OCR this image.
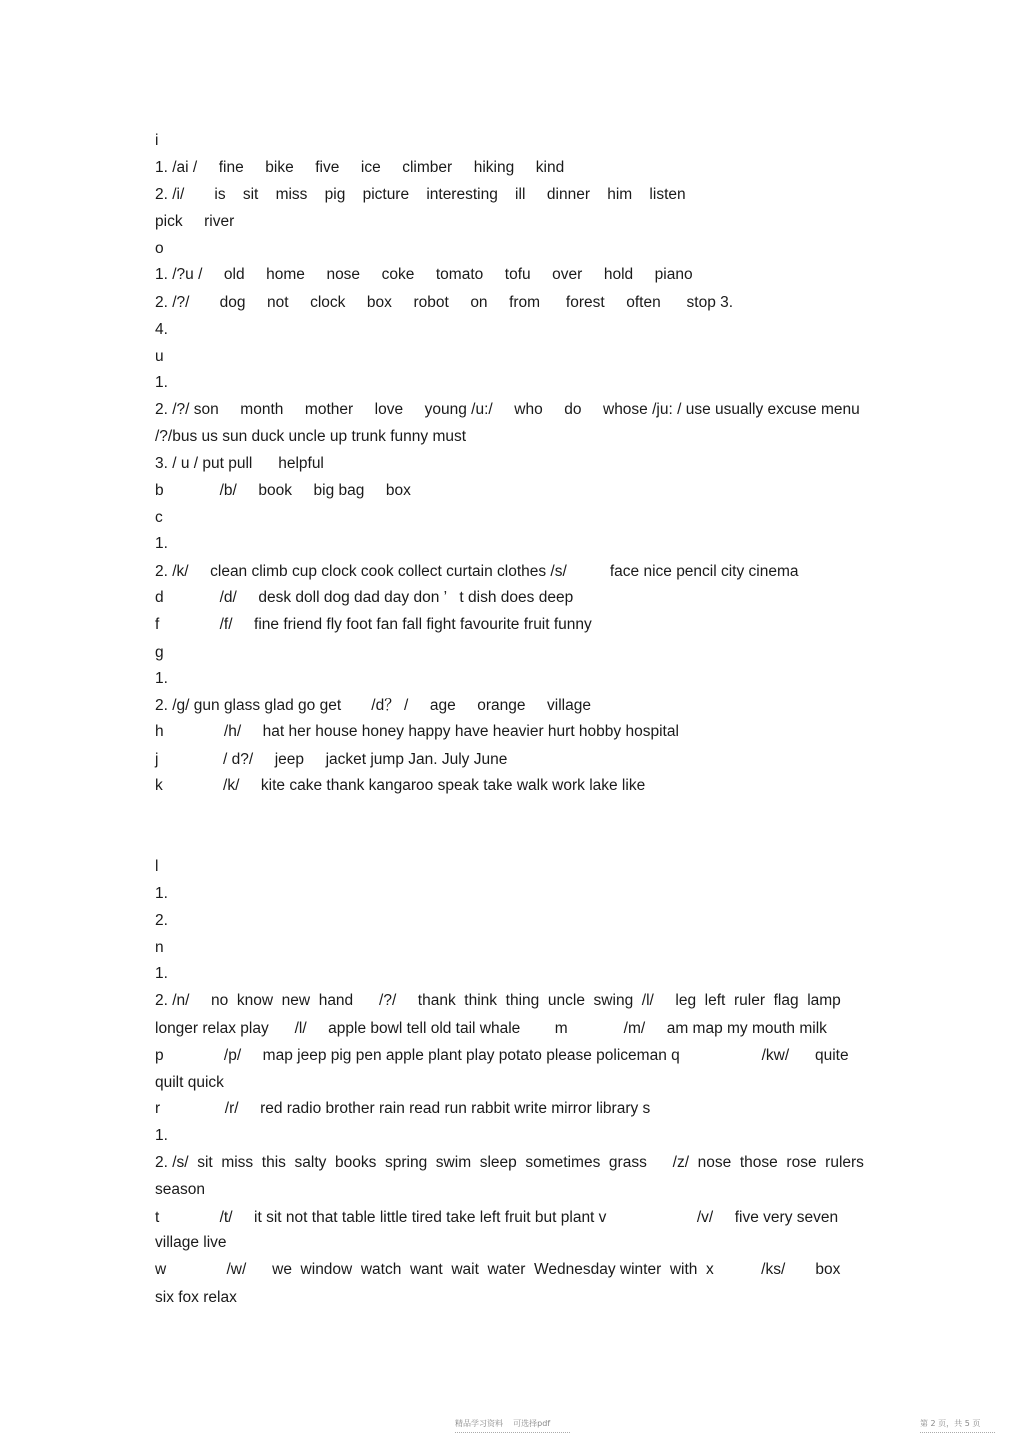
i
1. /ai /     fine     bike     five     ice     climber     hiking     kind
2. /i/       is    sit    miss    pig    picture    interesting    ill     dinner    him    listen
pick     river
o
1. /?u /     old     home     nose     coke     tomato     tofu     over     hold     piano
2. /?/       dog     not     clock     box     robot     on     from      forest     often      stop 3.
4.
u
1.
2. /?/ son     month     mother     love     young /u:/     who     do     whose /ju: / use usually excuse menu
/?/bus us sun duck uncle up trunk funny must
3. / u / put pull      helpful
b             /b/     book     big bag     box
c
1.
2. /k/     clean climb cup clock cook collect curtain clothes /s/          face nice pencil city cinema
d             /d/     desk doll dog dad day don ’   t dish does deep
f              /f/     fine friend fly foot fan fall fight favourite fruit funny
g
1.
2. /g/ gun glass glad go get       /d？ /     age     orange     village
h              /h/     hat her house honey happy have heavier hurt hobby hospital
j               / d?/     jeep     jacket jump Jan. July June
k              /k/     kite cake thank kangaroo speak take walk work lake like
l
1.
2.
n
1.
2. /n/     no  know  new  hand      /?/     thank  think  thing  uncle  swing  /l/     leg  left  ruler  flag  lamp
longer relax play      /l/     apple bowl tell old tail whale        m             /m/     am map my mouth milk
p              /p/     map jeep pig pen apple plant play potato please policeman q                   /kw/      quite
quilt quick
r               /r/     red radio brother rain read run rabbit write mirror library s
1.
2. /s/  sit  miss  this  salty  books  spring  swim  sleep  sometimes  grass      /z/  nose  those  rose  rulers
season
t              /t/     it sit not that table little tired take left fruit but plant v                     /v/     five very seven
village live
w              /w/      we  window  watch  want  wait  water  Wednesday winter  with  x           /ks/       box
six fox relax
精品学习资料    可选择pdf	第 2 页，共 5 页
